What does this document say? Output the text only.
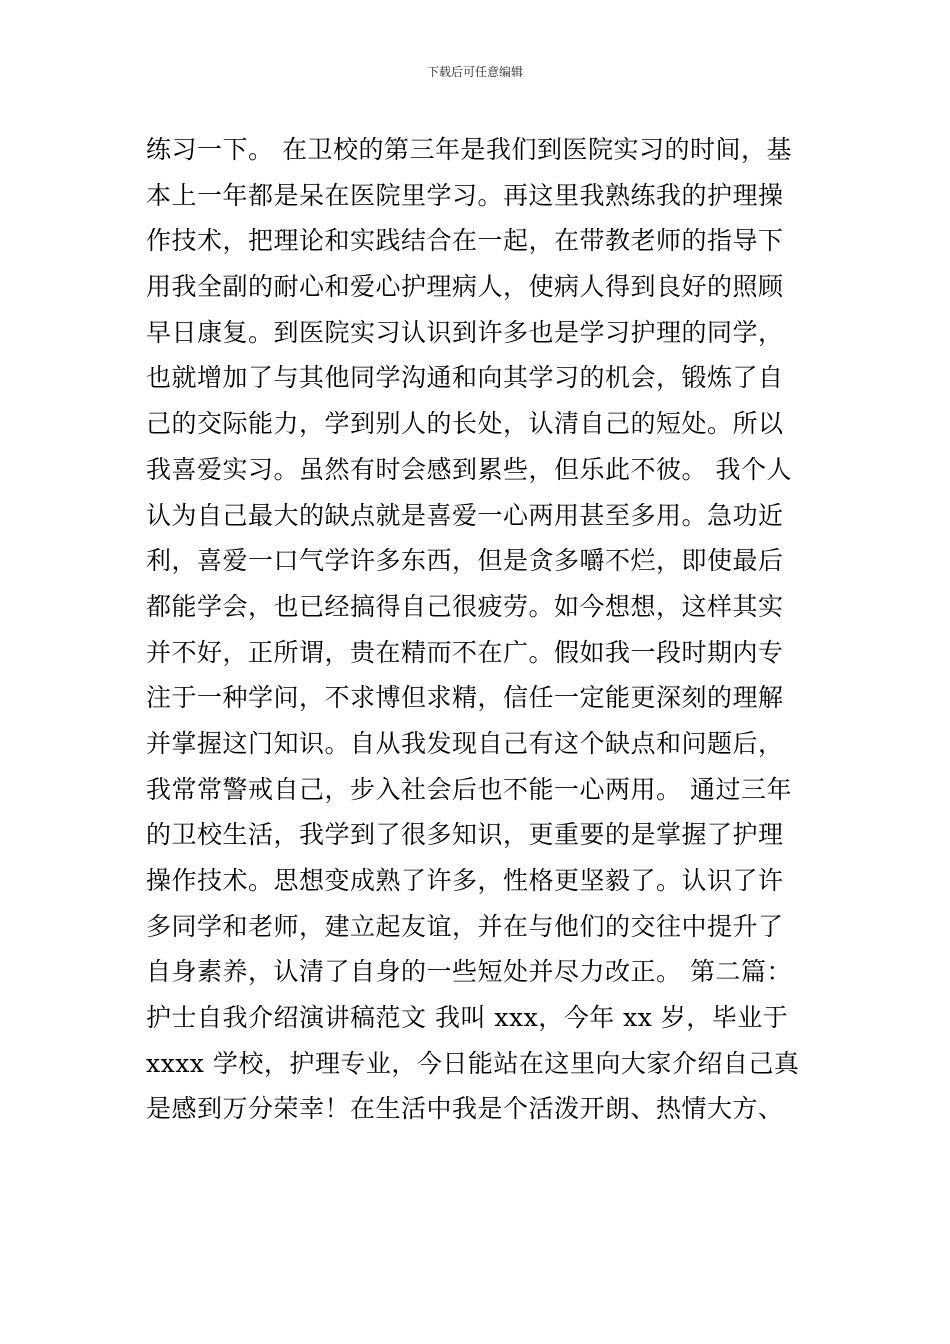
下载后可任意编辑
练习一下。 在卫校的第三年是我们到医院实习的时间，基
本上一年都是呆在医院里学习。再这里我熟练我的护理操
作技术，把理论和实践结合在一起，在带教老师的指导下
用我全副的耐心和爱心护理病人，使病人得到良好的照顾
早日康复。到医院实习认识到许多也是学习护理的同学，
也就增加了与其他同学沟通和向其学习的机会，锻炼了自
己的交际能力，学到别人的长处，认清自己的短处。所以
我喜爱实习。虽然有时会感到累些，但乐此不彼。 我个人
认为自己最大的缺点就是喜爱一心两用甚至多用。急功近
利，喜爱一口气学许多东西，但是贪多嚼不烂，即使最后
都能学会，也已经搞得自己很疲劳。如今想想，这样其实
并不好，正所谓，贵在精而不在广。假如我一段时期内专
注于一种学问，不求博但求精，信任一定能更深刻的理解
并掌握这门知识。自从我发现自己有这个缺点和问题后，
我常常警戒自己，步入社会后也不能一心两用。 通过三年
的卫校生活，我学到了很多知识，更重要的是掌握了护理
操作技术。思想变成熟了许多，性格更坚毅了。认识了许
多同学和老师，建立起友谊，并在与他们的交往中提升了
自身素养，认清了自身的一些短处并尽力改正。 第二篇：
护士自我介绍演讲稿范文 我叫 xxx，今年 xx 岁，毕业于
xxxx 学校，护理专业，今日能站在这里向大家介绍自己真
是感到万分荣幸！在生活中我是个活泼开朗、热情大方、
